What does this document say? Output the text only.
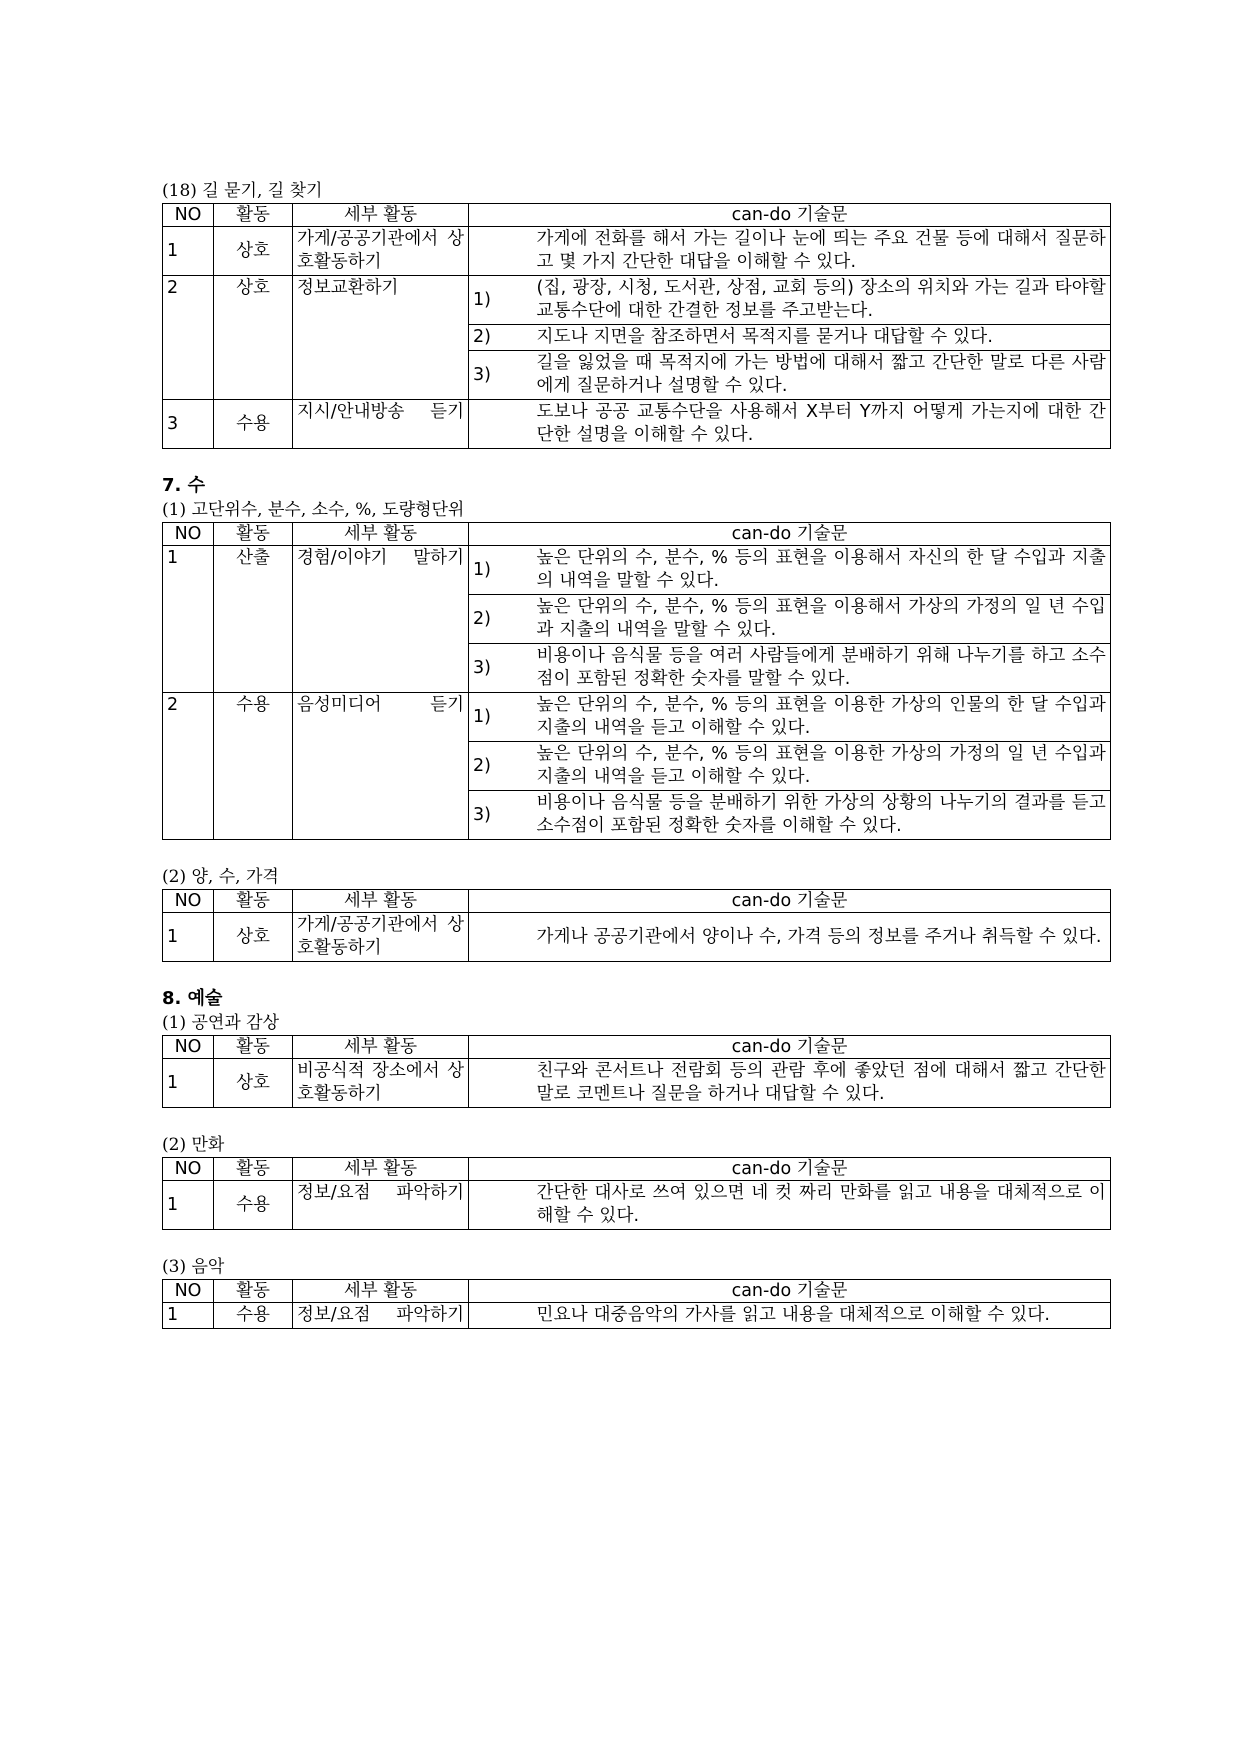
(18) 길 묻기, 길 찾기
NO	활동	세부 활동	can-do 기술문	
1	상호	가게/공공기관에서 상호활동하기		가게에 전화를 해서 가는 길이나 눈에 띄는 주요 건물 등에 대해서 질문하고 몇 가지 간단한 대답을 이해할 수 있다.
2	상호	정보교환하기	1)	(집, 광장, 시청, 도서관, 상점, 교회 등의) 장소의 위치와 가는 길과 타야할 교통수단에 대한 간결한 정보를 주고받는다.
			2)	지도나 지면을 참조하면서 목적지를 묻거나 대답할 수 있다.
			3)	길을 잃었을 때 목적지에 가는 방법에 대해서 짧고 간단한 말로 다른 사람에게 질문하거나 설명할 수 있다.
3	수용	지시/안내방송 듣기		도보나 공공 교통수단을 사용해서 X부터 Y까지 어떻게 가는지에 대한 간단한 설명을 이해할 수 있다.
7. 수
(1) 고단위수, 분수, 소수, %, 도량형단위
NO	활동	세부 활동	can-do 기술문	
1	산출	경험/이야기 말하기	1)	높은 단위의 수, 분수, % 등의 표현을 이용해서 자신의 한 달 수입과 지출의 내역을 말할 수 있다.
			2)	높은 단위의 수, 분수, % 등의 표현을 이용해서 가상의 가정의 일 년 수입과 지출의 내역을 말할 수 있다.
			3)	비용이나 음식물 등을 여러 사람들에게 분배하기 위해 나누기를 하고 소수점이 포함된 정확한 숫자를 말할 수 있다.
2	수용	음성미디어 듣기	1)	높은 단위의 수, 분수, % 등의 표현을 이용한 가상의 인물의 한 달 수입과 지출의 내역을 듣고 이해할 수 있다.
			2)	높은 단위의 수, 분수, % 등의 표현을 이용한 가상의 가정의 일 년 수입과 지출의 내역을 듣고 이해할 수 있다.
			3)	비용이나 음식물 등을 분배하기 위한 가상의 상황의 나누기의 결과를 듣고 소수점이 포함된 정확한 숫자를 이해할 수 있다.
(2) 양, 수, 가격
NO	활동	세부 활동	can-do 기술문	
1	상호	가게/공공기관에서 상호활동하기		가게나 공공기관에서 양이나 수, 가격 등의 정보를 주거나 취득할 수 있다.
8. 예술
(1) 공연과 감상
NO	활동	세부 활동	can-do 기술문	
1	상호	비공식적 장소에서 상호활동하기		친구와 콘서트나 전람회 등의 관람 후에 좋았던 점에 대해서 짧고 간단한 말로 코멘트나 질문을 하거나 대답할 수 있다.
(2) 만화
NO	활동	세부 활동	can-do 기술문	
1	수용	정보/요점 파악하기		간단한 대사로 쓰여 있으면 네 컷 짜리 만화를 읽고 내용을 대체적으로 이해할 수 있다.
(3) 음악
NO	활동	세부 활동	can-do 기술문	
1	수용	정보/요점 파악하기		민요나 대중음악의 가사를 읽고 내용을 대체적으로 이해할 수 있다.
